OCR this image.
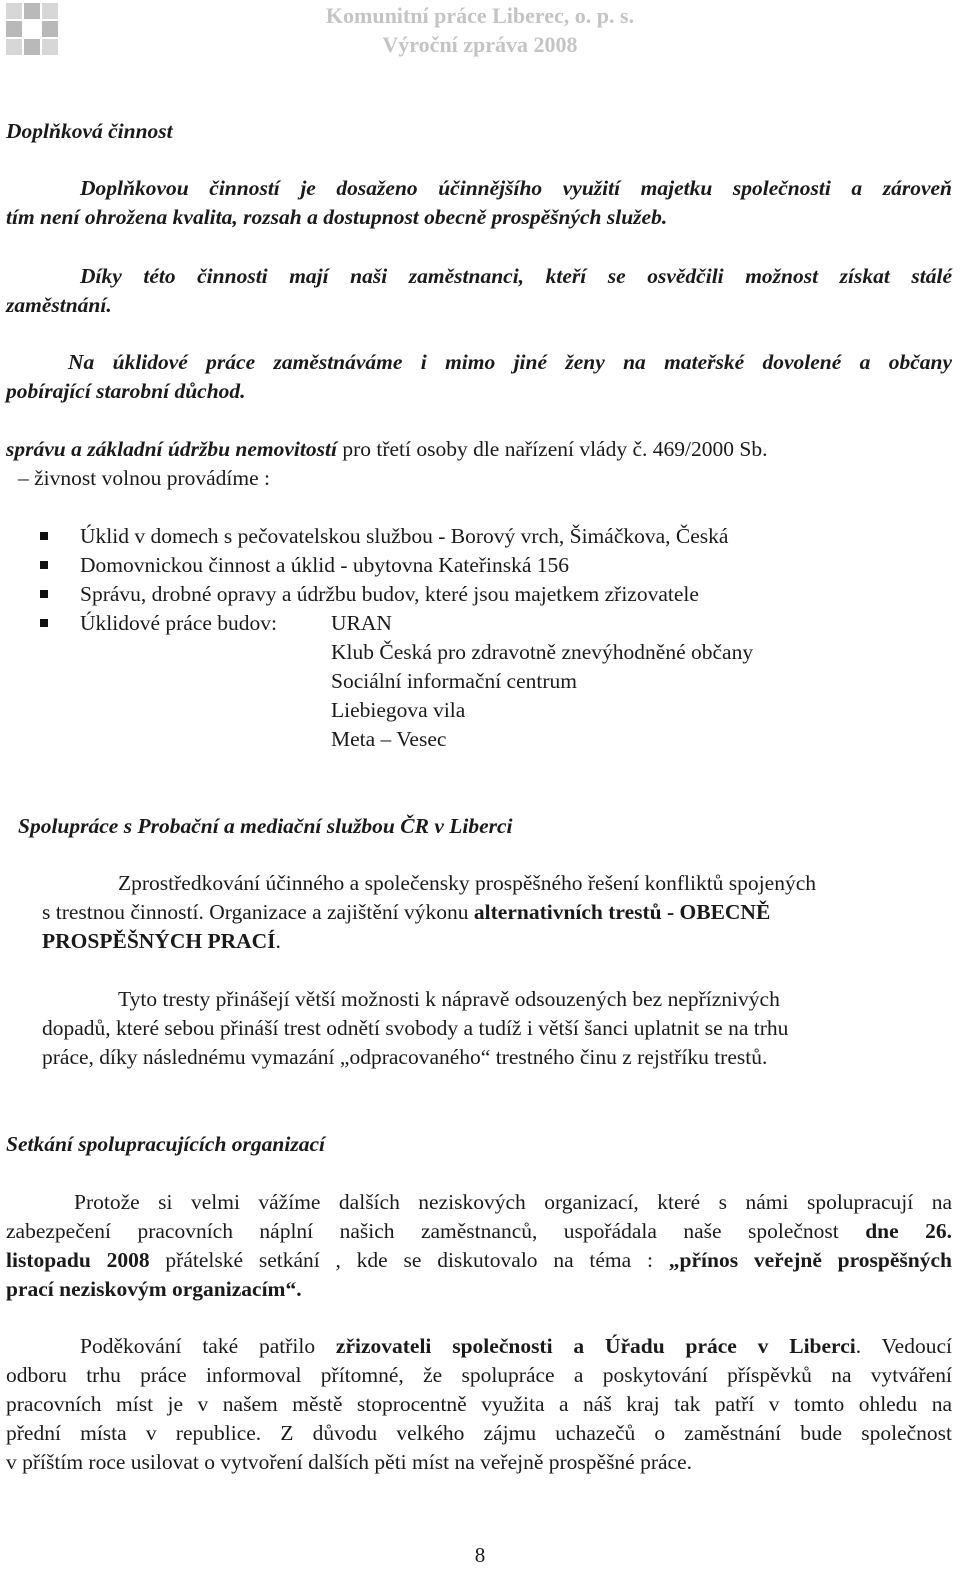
Komunitní práce Liberec, o. p. s.
Výroční zpráva 2008
Doplňková činnost
Doplňkovou činností je dosaženo účinnějšího využití majetku společnosti a zároveň
tím není ohrožena kvalita, rozsah a dostupnost obecně prospěšných služeb.
Díky této činnosti mají naši zaměstnanci, kteří se osvědčili možnost získat stálé
zaměstnání.
Na úklidové práce zaměstnáváme i mimo jiné ženy na mateřské dovolené a občany
pobírající starobní důchod.
správu a základní údržbu nemovitostí pro třetí osoby dle nařízení vlády č. 469/2000 Sb.
– živnost volnou provádíme :
Úklid v domech s pečovatelskou službou - Borový vrch, Šimáčkova, Česká
Domovnickou činnost a úklid - ubytovna Kateřinská 156
Správu, drobné opravy a údržbu budov, které jsou majetkem zřizovatele
Úklidové práce budov:	URAN
Klub Česká pro zdravotně znevýhodněné občany
Sociální informační centrum
Liebiegova vila
Meta – Vesec
Spolupráce s Probační a mediační službou ČR v Liberci
Zprostředkování účinného a společensky prospěšného řešení konfliktů spojených
s trestnou činností. Organizace a zajištění výkonu alternativních trestů - OBECNĚ
PROSPĚŠNÝCH PRACÍ.
Tyto tresty přinášejí větší možnosti k nápravě odsouzených bez nepříznivých
dopadů, které sebou přináší trest odnětí svobody a tudíž i větší šanci uplatnit se na trhu
práce, díky následnému vymazání „odpracovaného“ trestného činu z rejstříku trestů.
Setkání spolupracujících organizací
Protože si velmi vážíme dalších neziskových organizací, které s námi spolupracují na
zabezpečení pracovních náplní našich zaměstnanců, uspořádala naše společnost dne 26.
listopadu 2008 přátelské setkání , kde se diskutovalo na téma : „přínos veřejně prospěšných
prací neziskovým organizacím“.
Poděkování také patřilo zřizovateli společnosti a Úřadu práce v Liberci. Vedoucí
odboru trhu práce informoval přítomné, že spolupráce a poskytování příspěvků na vytváření
pracovních míst je v našem městě stoprocentně využita a náš kraj tak patří v tomto ohledu na
přední místa v republice. Z důvodu velkého zájmu uchazečů o zaměstnání bude společnost
v příštím roce usilovat o vytvoření dalších pěti míst na veřejně prospěšné práce.
8
